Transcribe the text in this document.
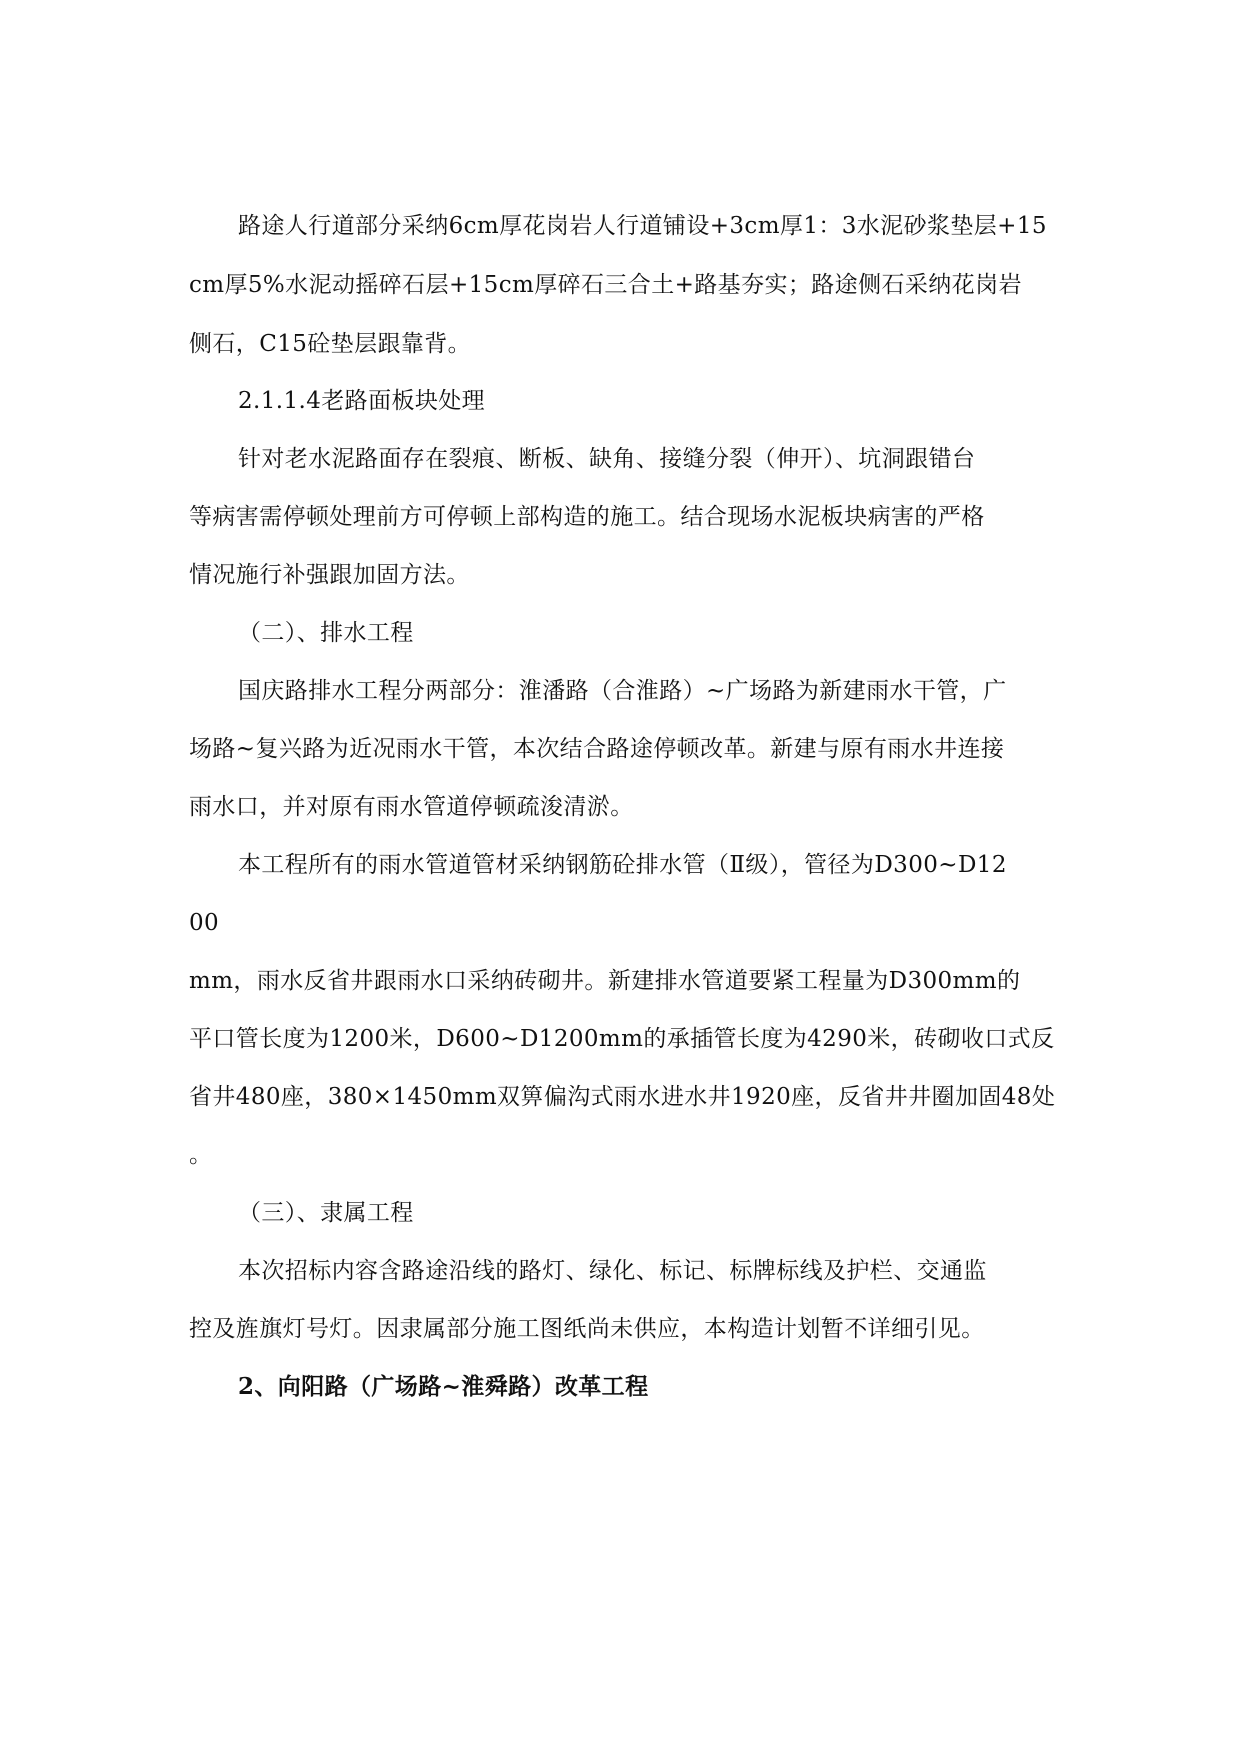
路途人行道部分采纳6cm厚花岗岩人行道铺设+3cm厚1：3水泥砂浆垫层+15
cm厚5%水泥动摇碎石层+15cm厚碎石三合土+路基夯实；路途侧石采纳花岗岩
侧石，C15砼垫层跟靠背。
2.1.1.4老路面板块处理
针对老水泥路面存在裂痕、断板、缺角、接缝分裂（伸开）、坑洞跟错台
等病害需停顿处理前方可停顿上部构造的施工。结合现场水泥板块病害的严格
情况施行补强跟加固方法。
（二）、排水工程
国庆路排水工程分两部分：淮潘路（合淮路）~广场路为新建雨水干管，广
场路~复兴路为近况雨水干管，本次结合路途停顿改革。新建与原有雨水井连接
雨水口，并对原有雨水管道停顿疏浚清淤。
本工程所有的雨水管道管材采纳钢筋砼排水管（Ⅱ级），管径为D300~D12
00
mm，雨水反省井跟雨水口采纳砖砌井。新建排水管道要紧工程量为D300mm的
平口管长度为1200米，D600~D1200mm的承插管长度为4290米，砖砌收口式反
省井480座，380×1450mm双箅偏沟式雨水进水井1920座，反省井井圈加固48处
。
（三）、隶属工程
本次招标内容含路途沿线的路灯、绿化、标记、标牌标线及护栏、交通监
控及旌旗灯号灯。因隶属部分施工图纸尚未供应，本构造计划暂不详细引见。
2、向阳路（广场路~淮舜路）改革工程
